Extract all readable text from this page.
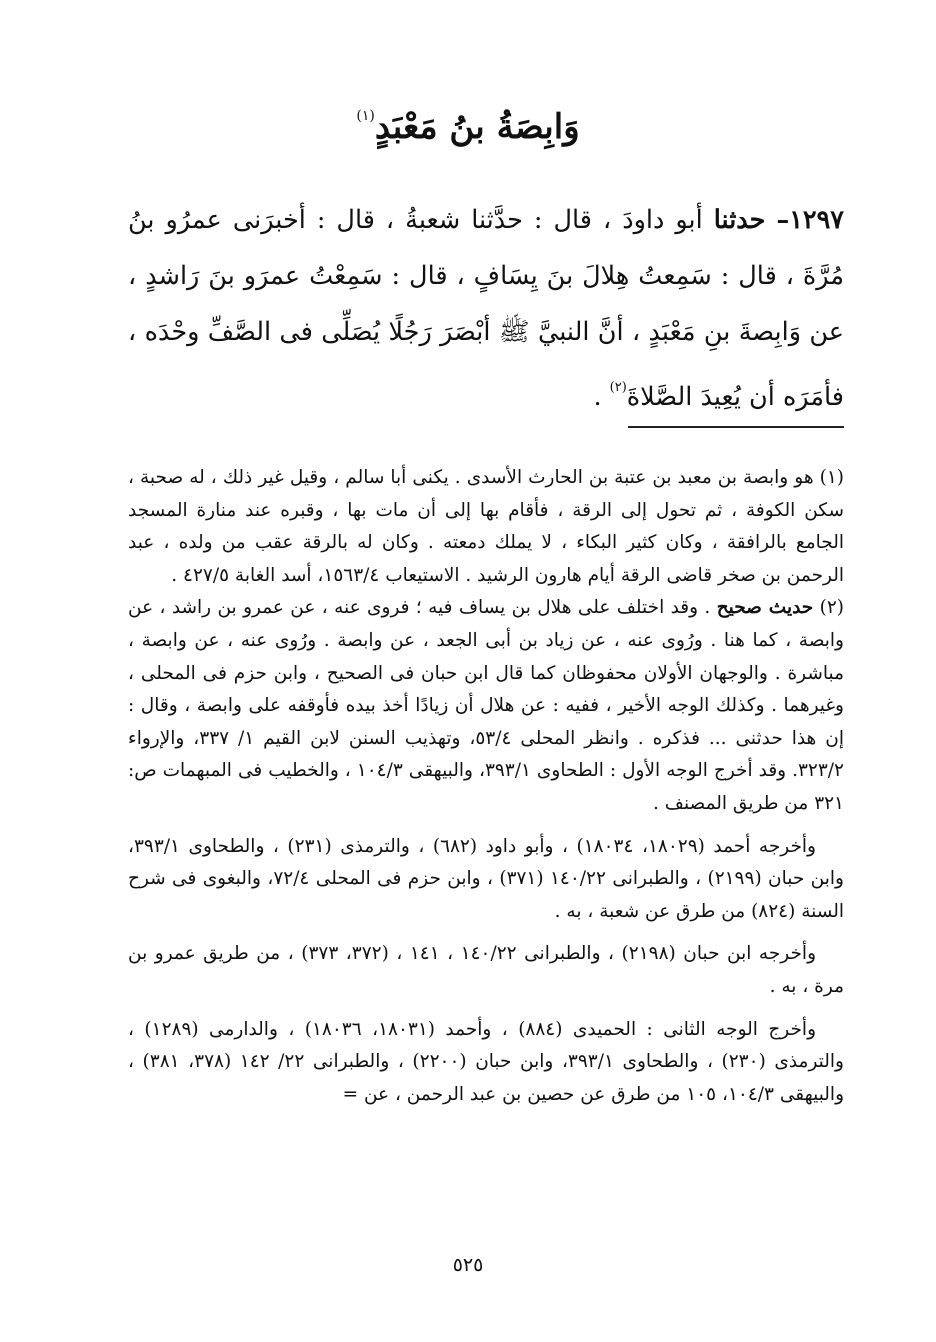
وَابِصَةُ بنُ مَعْبَدٍ$^{(١)}$
١٢٩٧– حدثنا أبو داودَ ، قال : حدَّثنا شعبةُ ، قال : أخبرَنى عمرُو بنُ مُرَّةَ ، قال : سَمِعتُ هِلالَ بنَ يِسَافٍ ، قال : سَمِعْتُ عمرَو بنَ رَاشدٍ ، عن وَابِصةَ بنِ مَعْبَدٍ ، أنَّ النبيَّ ﷺ أبْصَرَ رَجُلًا يُصَلِّى فى الصَّفِّ وحْدَه ، فأمَرَه أن يُعِيدَ الصَّلاةَ$^{(٢)}$ .

(١) هو وابصة بن معبد بن عتبة بن الحارث الأسدى . يكنى أبا سالم ، وقيل غير ذلك ، له صحبة ، سكن الكوفة ، ثم تحول إلى الرقة ، فأقام بها إلى أن مات بها ، وقبره عند منارة المسجد الجامع بالرافقة ، وكان كثير البكاء ، لا يملك دمعته . وكان له بالرقة عقب من ولده ، عبد الرحمن بن صخر قاضى الرقة أيام هارون الرشيد . الاستيعاب ١٥٦٣/٤، أسد الغابة ٤٢٧/٥ .

(٢) حديث صحيح . وقد اختلف على هلال بن يساف فيه ؛ فروى عنه ، عن عمرو بن راشد ، عن وابصة ، كما هنا . ورُوى عنه ، عن زياد بن أبى الجعد ، عن وابصة . ورُوى عنه ، عن وابصة ، مباشرة . والوجهان الأولان محفوظان كما قال ابن حبان فى الصحيح ، وابن حزم فى المحلى ، وغيرهما . وكذلك الوجه الأخير ، ففيه : عن هلال أن زيادًا أخذ بيده فأوقفه على وابصة ، وقال : إن هذا حدثنى ... فذكره . وانظر المحلى ٥٣/٤، وتهذيب السنن لابن القيم ١/ ٣٣٧، والإرواء ٣٢٣/٢. وقد أخرج الوجه الأول : الطحاوى ٣٩٣/١، والبيهقى ١٠٤/٣ ، والخطيب فى المبهمات ص: ٣٢١ من طريق المصنف .

وأخرجه أحمد (١٨٠٢٩، ١٨٠٣٤) ، وأبو داود (٦٨٢) ، والترمذى (٢٣١) ، والطحاوى ٣٩٣/١، وابن حبان (٢١٩٩) ، والطبرانى ١٤٠/٢٢ (٣٧١) ، وابن حزم فى المحلى ٧٢/٤، والبغوى فى شرح السنة (٨٢٤) من طرق عن شعبة ، به .

وأخرجه ابن حبان (٢١٩٨) ، والطبرانى ١٤٠/٢٢ ، ١٤١ ، (٣٧٢، ٣٧٣) ، من طريق عمرو بن مرة ، به .

وأخرج الوجه الثانى : الحميدى (٨٨٤) ، وأحمد (١٨٠٣١، ١٨٠٣٦) ، والدارمى (١٢٨٩) ، والترمذى (٢٣٠) ، والطحاوى ٣٩٣/١، وابن حبان (٢٢٠٠) ، والطبرانى ٢٢/ ١٤٢ (٣٧٨، ٣٨١) ، والبيهقى ١٠٤/٣، ١٠٥ من طرق عن حصين بن عبد الرحمن ، عن =

٥٢٥
